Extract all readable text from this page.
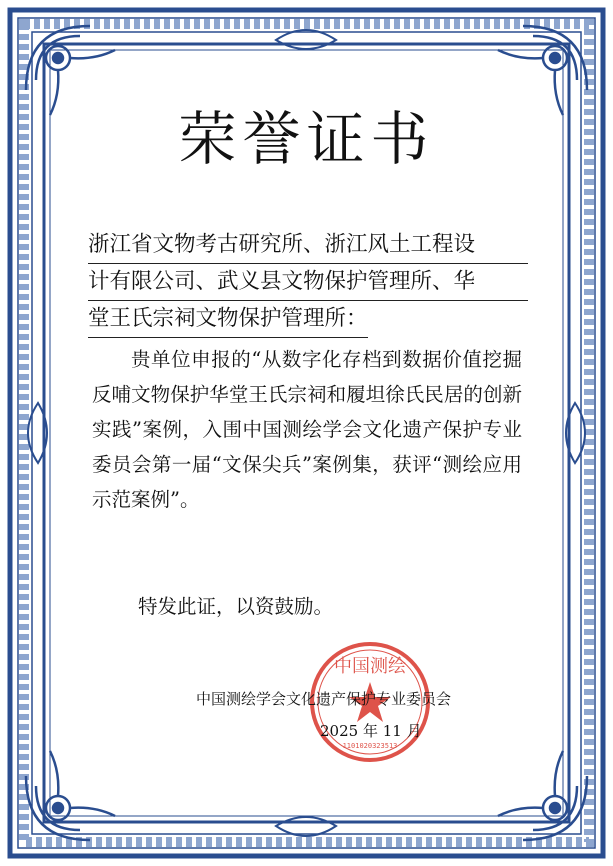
荣誉证书
浙江省文物考古研究所、浙江风土工程设
计有限公司、武义县文物保护管理所、华
堂王氏宗祠文物保护管理所：
贵单位申报的“从数字化存档到数据价值挖掘反哺文物保护华堂王氏宗祠和履坦徐氏民居的创新实践”案例，入围中国测绘学会文化遗产保护专业委员会第一届“文保尖兵”案例集，获评“测绘应用示范案例”。
特发此证，以资鼓励。
中国测绘
1101020323513
中国测绘学会文化遗产保护专业委员会
2025 年 11 月
